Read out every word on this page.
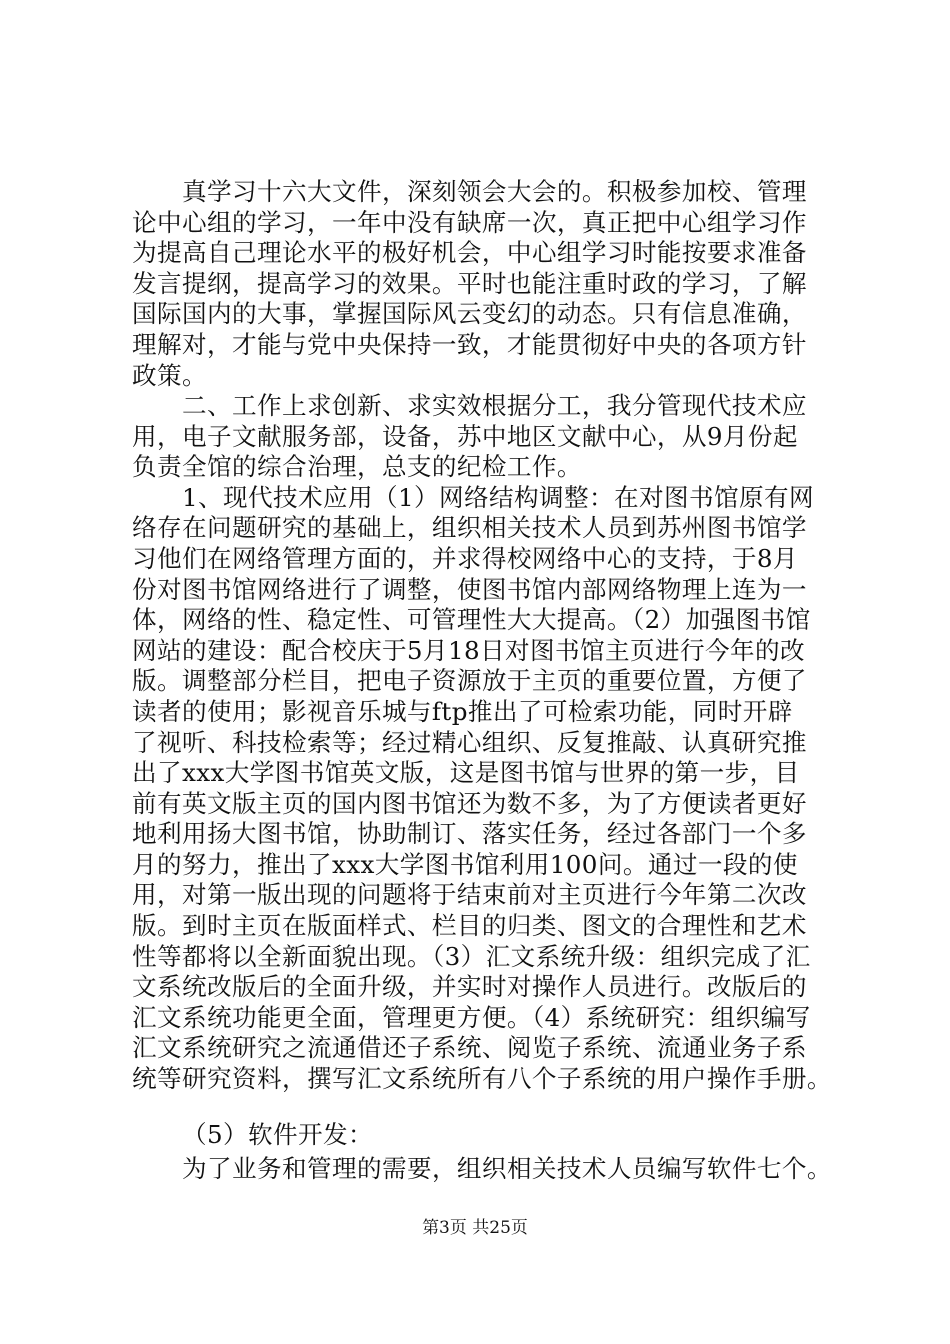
真学习十六大文件，深刻领会大会的。积极参加校、管理
论中心组的学习，一年中没有缺席一次，真正把中心组学习作
为提高自己理论水平的极好机会，中心组学习时能按要求准备
发言提纲，提高学习的效果。平时也能注重时政的学习，了解
国际国内的大事，掌握国际风云变幻的动态。只有信息准确，
理解对，才能与党中央保持一致，才能贯彻好中央的各项方针
政策。
二、工作上求创新、求实效根据分工，我分管现代技术应
用，电子文献服务部，设备，苏中地区文献中心，从9月份起
负责全馆的综合治理，总支的纪检工作。
1、现代技术应用（1）网络结构调整：在对图书馆原有网
络存在问题研究的基础上，组织相关技术人员到苏州图书馆学
习他们在网络管理方面的，并求得校网络中心的支持，于8月
份对图书馆网络进行了调整，使图书馆内部网络物理上连为一
体，网络的性、稳定性、可管理性大大提高。（2）加强图书馆
网站的建设：配合校庆于5月18日对图书馆主页进行今年的改
版。调整部分栏目，把电子资源放于主页的重要位置，方便了
读者的使用；影视音乐城与ftp推出了可检索功能，同时开辟
了视听、科技检索等；经过精心组织、反复推敲、认真研究推
出了xxx大学图书馆英文版，这是图书馆与世界的第一步，目
前有英文版主页的国内图书馆还为数不多，为了方便读者更好
地利用扬大图书馆，协助制订、落实任务，经过各部门一个多
月的努力，推出了xxx大学图书馆利用100问。通过一段的使
用，对第一版出现的问题将于结束前对主页进行今年第二次改
版。到时主页在版面样式、栏目的归类、图文的合理性和艺术
性等都将以全新面貌出现。（3）汇文系统升级：组织完成了汇
文系统改版后的全面升级，并实时对操作人员进行。改版后的
汇文系统功能更全面，管理更方便。（4）系统研究：组织编写
汇文系统研究之流通借还子系统、阅览子系统、流通业务子系
统等研究资料，撰写汇文系统所有八个子系统的用户操作手册。
（5）软件开发：
为了业务和管理的需要，组织相关技术人员编写软件七个。
第3页 共25页
